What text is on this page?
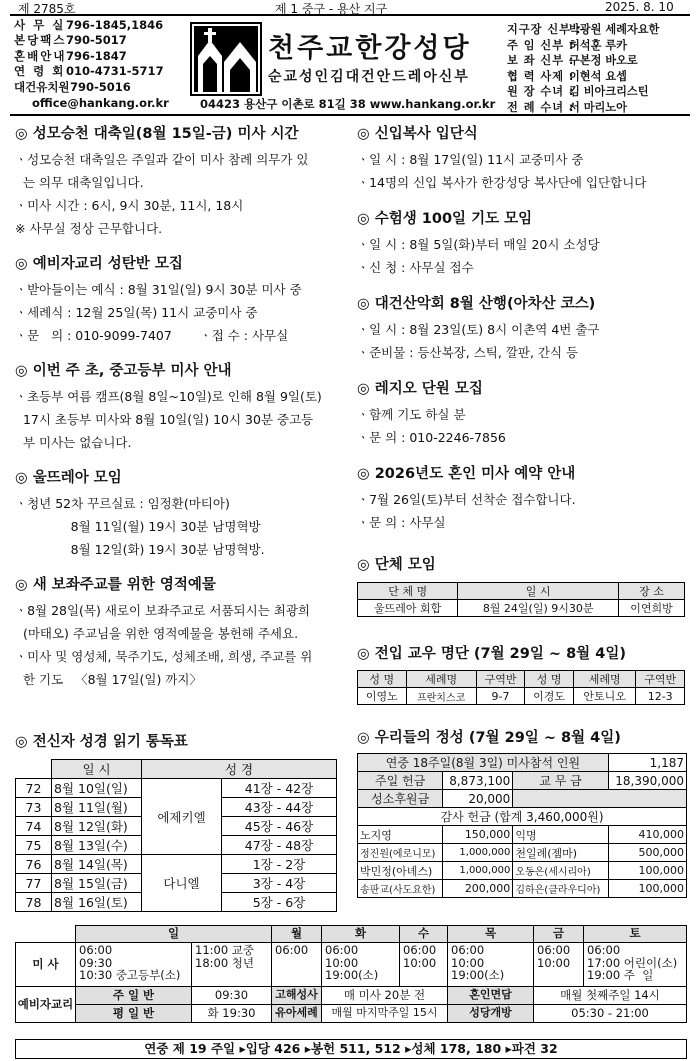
제 2785호	제 1 중구 - 용산 지구	2025. 8. 10
사 무 실 796-1845,1846
본당팩스 790-5017
혼배안내 796-1847
연 령 회 010-4731-5717
대건유치원 790-5016
office@hankang.or.kr
천주교한강성당
순교성인김대건안드레아신부
04423 용산구 이촌로 81길 38 www.hankang.or.kr
지구장 신부 :박광원 세례자요한
주 임 신부 :허석훈 루카
보 좌 신부 :구본정 바오로
협 력 사제 :이현석 요셉
원 장 수녀 :김 비아크리스틴
전 례 수녀 :서 마리노아
◎ 성모승천 대축일(8월 15일-금) 미사 시간

ㆍ성모승천 대축일은 주일과 같이 미사 참례 의무가 있

는 의무 대축일입니다.

ㆍ미사 시간 : 6시, 9시 30분, 11시, 18시

※ 사무실 정상 근무합니다.

◎ 예비자교리 성탄반 모집

ㆍ받아들이는 예식 : 8월 31일(일) 9시 30분 미사 중

ㆍ세례식 : 12월 25일(목) 11시 교중미사 중

ㆍ문   의 : 010-9099-7407       ㆍ접 수 : 사무실

◎ 이번 주 초, 중고등부 미사 안내

ㆍ초등부 여름 캠프(8월 8일~10일)로 인해 8월 9일(토)

17시 초등부 미사와 8월 10일(일) 10시 30분 중고등

부 미사는 없습니다.

◎ 울뜨레아 모임

ㆍ청년 52차 꾸르실료 : 임정환(마티아)

8월 11일(월) 19시 30분 남명혁방

8월 12일(화) 19시 30분 남명혁방.

◎ 새 보좌주교를 위한 영적예물

ㆍ8월 28일(목) 새로이 보좌주교로 서품되시는 최광희

(마태오) 주교님을 위한 영적예물을 봉헌해 주세요.

ㆍ미사 및 영성체, 묵주기도, 성체조배, 희생, 주교를 위

한 기도   〈8월 17일(일) 까지〉

◎ 전신자 성경 읽기 통독표
	일 시	성 경	
72	8월 10일(일)	에제키엘	41장 - 42장
73	8월 11일(월)		43장 - 44장
74	8월 12일(화)		45장 - 46장
75	8월 13일(수)		47장 - 48장
76	8월 14일(목)	다니엘	1장 - 2장
77	8월 15일(금)		3장 - 4장
78	8월 16일(토)		5장 - 6장
◎ 신입복사 입단식

ㆍ일 시 : 8월 17일(일) 11시 교중미사 중

ㆍ14명의 신입 복사가 한강성당 복사단에 입단합니다

◎ 수험생 100일 기도 모임

ㆍ일 시 : 8월 5일(화)부터 매일 20시 소성당

ㆍ신 청 : 사무실 접수

◎ 대건산악회 8월 산행(아차산 코스)

ㆍ일 시 : 8월 23일(토) 8시 이촌역 4번 출구

ㆍ준비물 : 등산복장, 스틱, 깔판, 간식 등

◎ 레지오 단원 모집

ㆍ함께 기도 하실 분

ㆍ문 의 : 010-2246-7856

◎ 2026년도 혼인 미사 예약 안내

ㆍ7월 26일(토)부터 선착순 접수합니다.

ㆍ문 의 : 사무실

◎ 단체 모임
단 체 명	일 시	장 소
울뜨레아 회합	8월 24일(일) 9시30분	이연희방
◎ 전입 교우 명단 (7월 29일 ~ 8월 4일)
성 명	세례명	구역반	성 명	세례명	구역반
이영노	프란치스코	9-7	이경도	안토니오	12-3
◎ 우리들의 정성 (7월 29일 ~ 8월 4일)
연중 18주일(8월 3일) 미사참석 인원			1,187
주일 헌금	8,873,100	교 무 금	18,390,000
성소후원금	20,000		
감사 헌금 (합계 3,460,000원)			
노지영	150,000	익명	410,000
정진원(에로니모)	1,000,000	천일례(젬마)	500,000
박민정(아녜스)	1,000,000	오동은(세시리아)	100,000
송판교(사도요한)	200,000	김하은(클라우디아)	100,000
	일		월	화	수	목	금	토
미 사	06:00
09:30
10:30 중고등부(소)	11:00 교중
18:00 청년	06:00	06:00
10:00
19:00(소)	06:00
10:00	06:00
10:00
19:00(소)	06:00
10:00	06:00
17:00 어린이(소)
19:00 주  일
예비자교리	주 일 반	09:30	고해성사	매 미사 20분 전		혼인면담	매월 첫째주일 14시	
	평 일 반	화 19:30	유아세례	매월 마지막주일 15시		성당개방	05:30 - 21:00	
연중 제 19 주일 ▸입당 426 ▸봉헌 511, 512 ▸성체 178, 180 ▸파견 32
